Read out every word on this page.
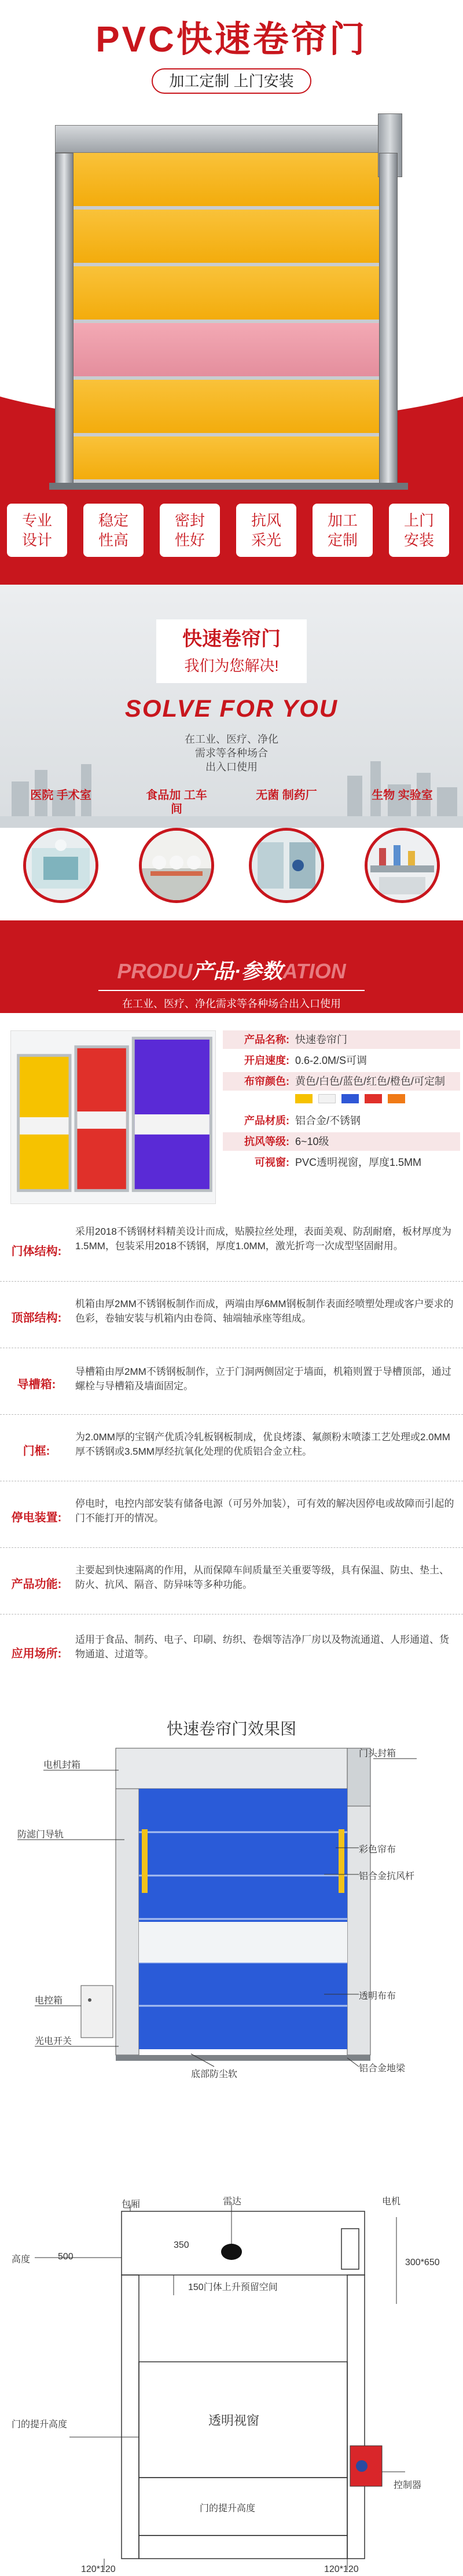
PVC快速卷帘门
加工定制 上门安装
专业
设计
稳定
性高
密封
性好
抗风
采光
加工
定制
上门
安装
快速卷帘门
我们为您解决!
SOLVE FOR YOU
在工业、医疗、净化
需求等各种场合
出入口使用
医院 手术室	食品加 工车间
无菌 制药厂	生物 实验室
PRODU产品·参数ATION
在工业、医疗、净化需求等各种场合出入口使用
产品名称: 快速卷帘门
开启速度: 0.6-2.0M/S可调
布帘颜色: 黄色/白色/蓝色/红色/橙色/可定制
产品材质: 铝合金/不锈钢
抗风等级: 6~10级
可视窗: PVC透明视窗，厚度1.5MM
门体结构:
采用2018不锈钢材料精美设计而成，贴膜拉丝处理，表面美观、防刮耐磨，板材厚度为1.5MM，包装采用2018不锈钢，厚度1.0MM，激光折弯一次成型坚固耐用。
顶部结构:
机箱由厚2MM不锈钢板制作而成，两端由厚6MM钢板制作表面经喷塑处理或客户要求的色彩，卷轴安装与机箱内由卷筒、轴端轴承座等组成。
导槽箱:
导槽箱由厚2MM不锈钢板制作，立于门洞两侧固定于墙面，机箱则置于导槽顶部，通过螺栓与导槽箱及墙面固定。
门框:
为2.0MM厚的宝钢产优质冷轧板钢板制成，优良烤漆、氟颜粉末喷漆工艺处理或2.0MM厚不锈钢或3.5MM厚经抗氧化处理的优质铝合金立柱。
停电装置:
停电时，电控内部安装有储备电源（可另外加装），可有效的解决因停电或故障而引起的门不能打开的情况。
产品功能:
主要起到快速隔离的作用，从而保障车间质量至关重要等级，具有保温、防虫、垫土、防火、抗风、隔音、防异味等多种功能。
应用场所:
适用于食品、制药、电子、印刷、纺织、卷烟等洁净厂房以及物流通道、人形通道、货物通道、过道等。
快速卷帘门效果图
电机封箱
门头封箱
防滤门导轨
彩色帘布
铝合金抗风杆
电控箱	透明布布
光电开关
底部防尘软
铝合金地梁
包厢	雷达	电机
高度	500
350
300*650
150门体上升预留空间
门的提升高度	透明视窗
门的提升高度
控制器
120*120	120*120
